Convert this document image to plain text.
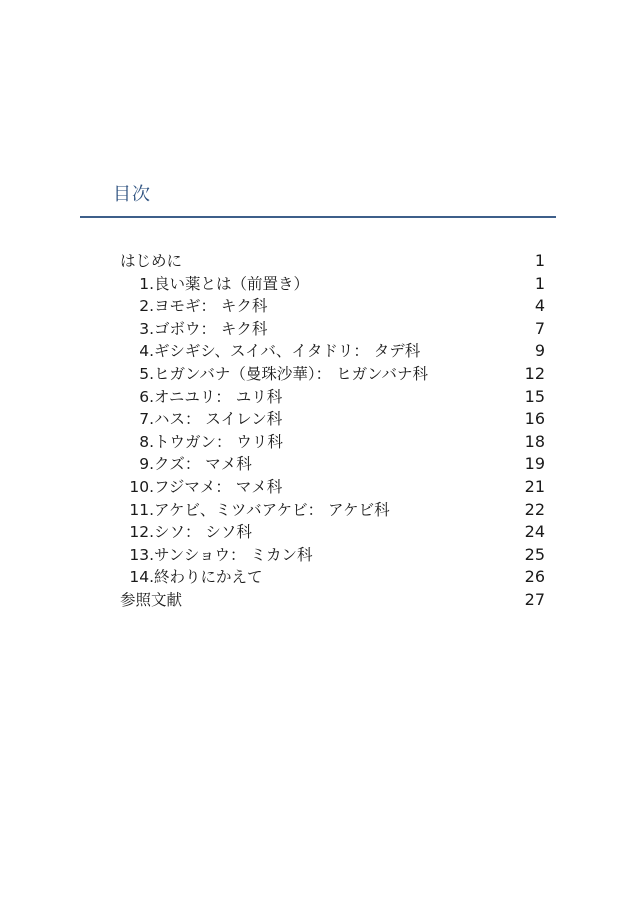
目次
はじめに	1
1.良い薬とは（前置き）	1
2.ヨモギ： キク科	4
3.ゴボウ： キク科	7
4.ギシギシ、スイバ、イタドリ： タデ科	9
5.ヒガンバナ（曼珠沙華）： ヒガンバナ科	12
6.オニユリ： ユリ科	15
7.ハス： スイレン科	16
8.トウガン： ウリ科	18
9.クズ： マメ科	19
10.フジマメ： マメ科	21
11.アケビ、ミツバアケビ： アケビ科	22
12.シソ： シソ科	24
13.サンショウ： ミカン科	25
14.終わりにかえて	26
参照文献	27
